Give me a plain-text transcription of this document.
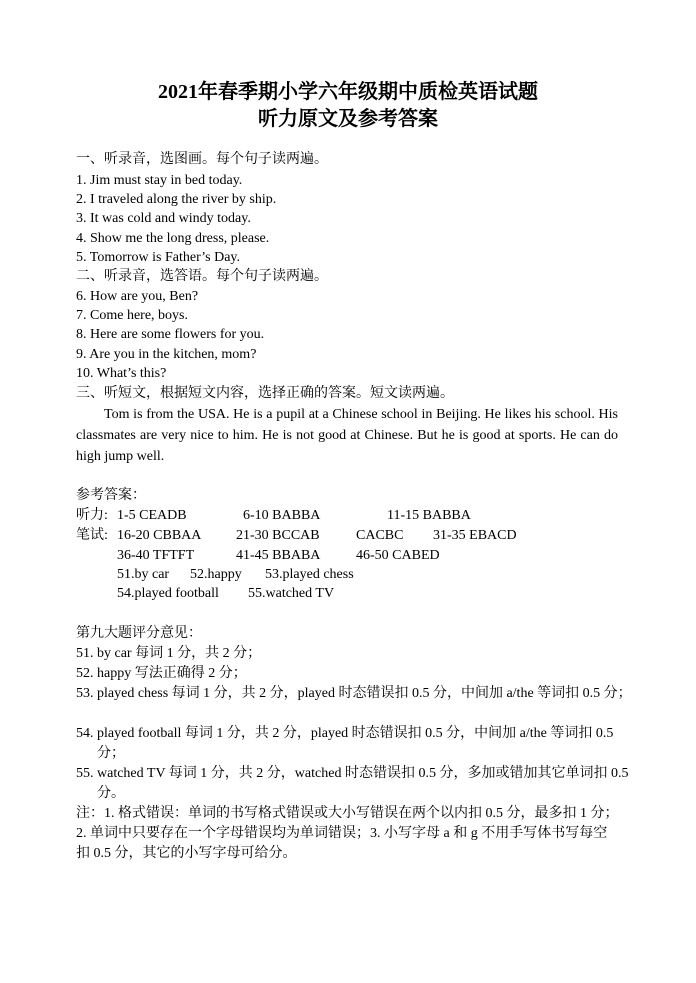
2021年春季期小学六年级期中质检英语试题
听力原文及参考答案
一、听录音，选图画。每个句子读两遍。
1. Jim must stay in bed today.
2. I traveled along the river by ship.
3. It was cold and windy today.
4. Show me the long dress, please.
5. Tomorrow is Father’s Day.
二、听录音，选答语。每个句子读两遍。
6. How are you, Ben?
7. Come here, boys.
8. Here are some flowers for you.
9. Are you in the kitchen, mom?
10. What’s this?
三、听短文，根据短文内容，选择正确的答案。短文读两遍。
Tom is from the USA. He is a pupil at a Chinese school in Beijing. He likes his school. His classmates are very nice to him. He is not good at Chinese. But he is good at sports. He can do high jump well.
参考答案：
听力: 1-5 CEADB	6-10 BABBA	11-15 BABBA
笔试: 16-20 CBBAA 21-30 BCCAB	CACBC 31-35 EBACD
36-40 TFTFT	41-45 BBABA	46-50 CABED
51.by car 52.happy 53.played chess
54.played football 55.watched TV
第九大题评分意见：
51. by car 每词 1 分，共 2 分；
52. happy 写法正确得 2 分；
53. played chess 每词 1 分，共 2 分，played 时态错误扣 0.5 分，中间加 a/the 等词扣 0.5 分；
54. played football 每词 1 分，共 2 分，played 时态错误扣 0.5 分，中间加 a/the 等词扣 0.5 分；
55. watched TV 每词 1 分，共 2 分，watched 时态错误扣 0.5 分，多加或错加其它单词扣 0.5 分。
注：1. 格式错误：单词的书写格式错误或大小写错误在两个以内扣 0.5 分，最多扣 1 分；2. 单词中只要存在一个字母错误均为单词错误；3. 小写字母 a 和 g 不用手写体书写每空扣 0.5 分，其它的小写字母可给分。
